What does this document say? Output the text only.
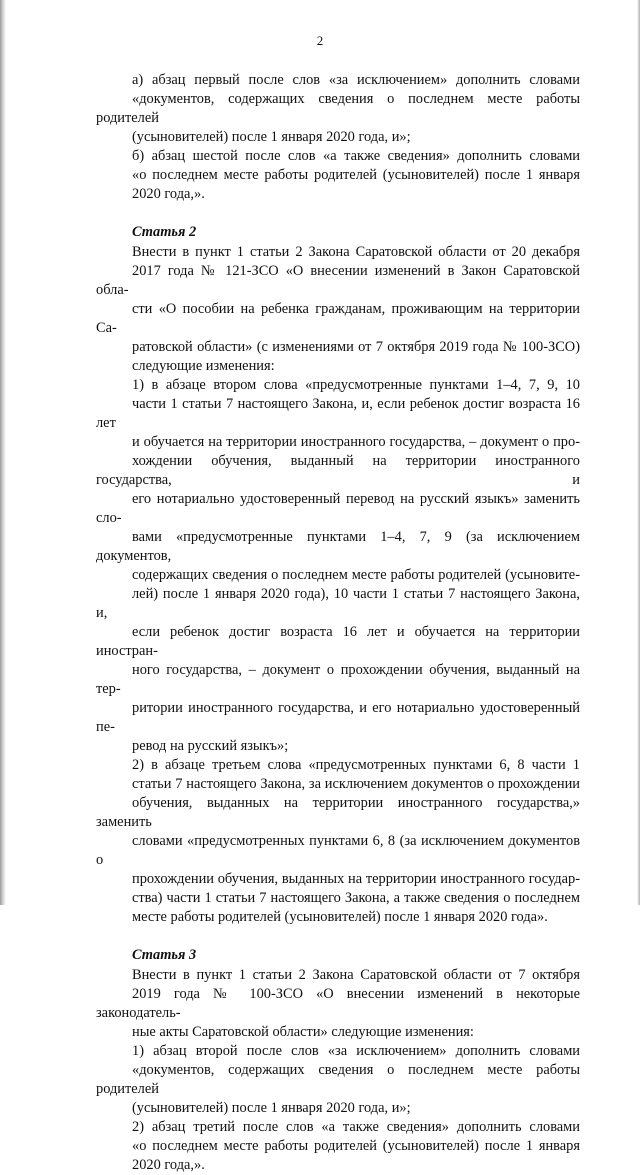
2

а) абзац первый после слов «за исключением» дополнить словами
«документов, содержащих сведения о последнем месте работы родителей
(усыновителей) после 1 января 2020 года, и»;

б) абзац шестой после слов «а также сведения» дополнить словами
«о последнем месте работы родителей (усыновителей) после 1 января
2020 года,».

Статья 2

Внести в пункт 1 статьи 2 Закона Саратовской области от 20 декабря
2017 года № 121-ЗСО «О внесении изменений в Закон Саратовской обла-
сти «О пособии на ребенка гражданам, проживающим на территории Са-
ратовской области» (с изменениями от 7 октября 2019 года № 100-ЗСО)
следующие изменения:

1) в абзаце втором слова «предусмотренные пунктами 1–4, 7, 9, 10
части 1 статьи 7 настоящего Закона, и, если ребенок достиг возраста 16 лет
и обучается на территории иностранного государства, – документ о про-
хождении обучения, выданный на территории иностранного государства, и
его нотариально удостоверенный перевод на русский языкъ» заменить сло-
вами «предусмотренные пунктами 1–4, 7, 9 (за исключением документов,
содержащих сведения о последнем месте работы родителей (усыновите-
лей) после 1 января 2020 года), 10 части 1 статьи 7 настоящего Закона, и,
если ребенок достиг возраста 16 лет и обучается на территории иностран-
ного государства, – документ о прохождении обучения, выданный на тер-
ритории иностранного государства, и его нотариально удостоверенный пе-
ревод на русский языкъ»;

2) в абзаце третьем слова «предусмотренных пунктами 6, 8 части 1
статьи 7 настоящего Закона, за исключением документов о прохождении
обучения, выданных на территории иностранного государства,» заменить
словами «предусмотренных пунктами 6, 8 (за исключением документов о
прохождении обучения, выданных на территории иностранного государ-
ства) части 1 статьи 7 настоящего Закона, а также сведения о последнем
месте работы родителей (усыновителей) после 1 января 2020 года».

Статья 3

Внести в пункт 1 статьи 2 Закона Саратовской области от 7 октября
2019 года № 100-ЗСО «О внесении изменений в некоторые законодатель-
ные акты Саратовской области» следующие изменения:

1) абзац второй после слов «за исключением» дополнить словами
«документов, содержащих сведения о последнем месте работы родителей
(усыновителей) после 1 января 2020 года, и»;

2) абзац третий после слов «а также сведения» дополнить словами
«о последнем месте работы родителей (усыновителей) после 1 января
2020 года,».
